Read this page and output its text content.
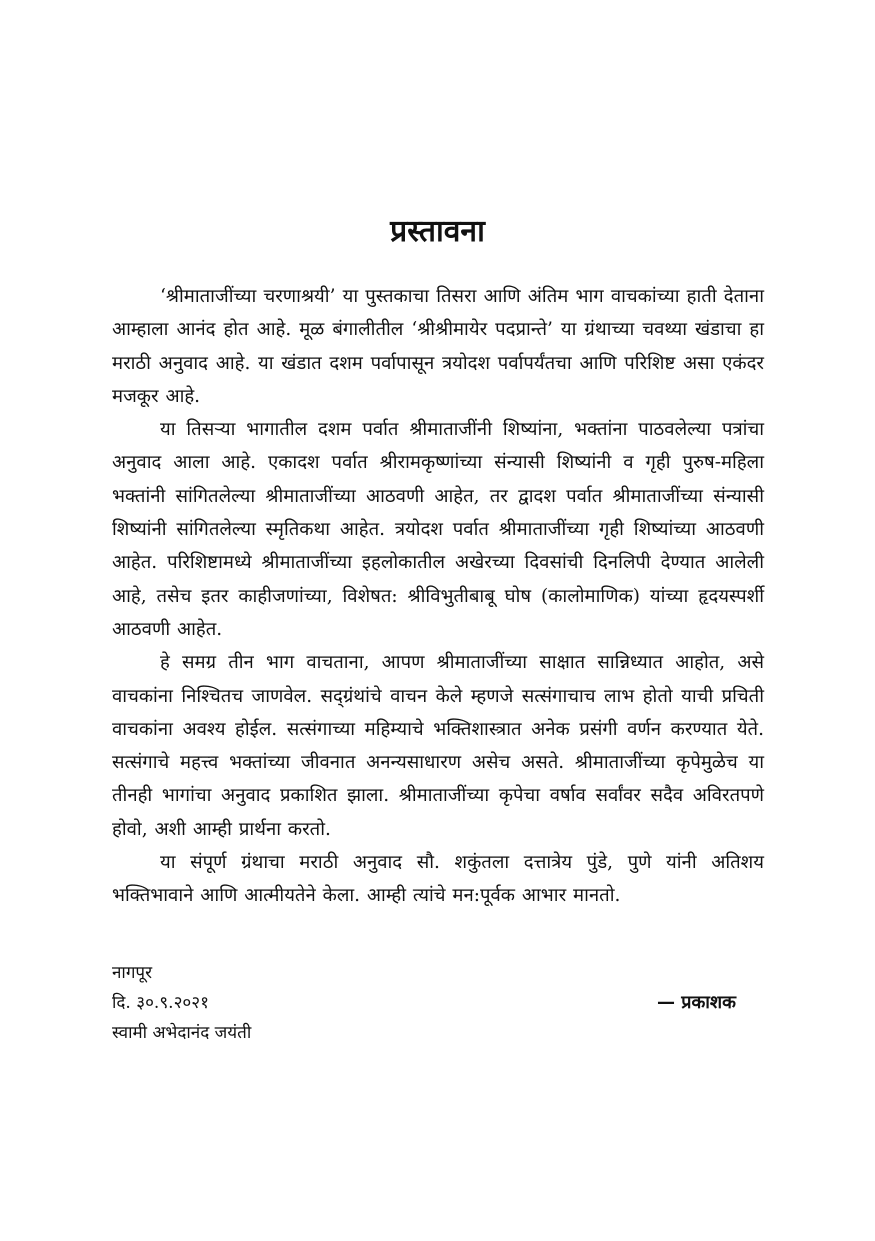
प्रस्तावना

‘श्रीमाताजींच्या चरणाश्रयी’ या पुस्तकाचा तिसरा आणि अंतिम भाग वाचकांच्या हाती देताना आम्हाला आनंद होत आहे. मूळ बंगालीतील ‘श्रीश्रीमायेर पदप्रान्ते’ या ग्रंथाच्या चवथ्या खंडाचा हा मराठी अनुवाद आहे. या खंडात दशम पर्वापासून त्रयोदश पर्वापर्यंतचा आणि परिशिष्ट असा एकंदर मजकूर आहे.

या तिसऱ्या भागातील दशम पर्वात श्रीमाताजींनी शिष्यांना, भक्तांना पाठवलेल्या पत्रांचा अनुवाद आला आहे. एकादश पर्वात श्रीरामकृष्णांच्या संन्यासी शिष्यांनी व गृही पुरुष-महिला भक्तांनी सांगितलेल्या श्रीमाताजींच्या आठवणी आहेत, तर द्वादश पर्वात श्रीमाताजींच्या संन्यासी शिष्यांनी सांगितलेल्या स्मृतिकथा आहेत. त्रयोदश पर्वात श्रीमाताजींच्या गृही शिष्यांच्या आठवणी आहेत. परिशिष्टामध्ये श्रीमाताजींच्या इहलोकातील अखेरच्या दिवसांची दिनलिपी देण्यात आलेली आहे, तसेच इतर काहीजणांच्या, विशेषत: श्रीविभुतीबाबू घोष (कालोमाणिक) यांच्या हृदयस्पर्शी आठवणी आहेत.

हे समग्र तीन भाग वाचताना, आपण श्रीमाताजींच्या साक्षात सान्निध्यात आहोत, असे वाचकांना निश्चितच जाणवेल. सद्ग्रंथांचे वाचन केले म्हणजे सत्संगाचाच लाभ होतो याची प्रचिती वाचकांना अवश्य होईल. सत्संगाच्या महिम्याचे भक्तिशास्त्रात अनेक प्रसंगी वर्णन करण्यात येते. सत्संगाचे महत्त्व भक्तांच्या जीवनात अनन्यसाधारण असेच असते. श्रीमाताजींच्या कृपेमुळेच या तीनही भागांचा अनुवाद प्रकाशित झाला. श्रीमाताजींच्या कृपेचा वर्षाव सर्वांवर सदैव अविरतपणे होवो, अशी आम्ही प्रार्थना करतो.

या संपूर्ण ग्रंथाचा मराठी अनुवाद सौ. शकुंतला दत्तात्रेय पुंडे, पुणे यांनी अतिशय भक्तिभावाने आणि आत्मीयतेने केला. आम्ही त्यांचे मन:पूर्वक आभार मानतो.

नागपूर
दि. ३०.९.२०२१	— प्रकाशक
स्वामी अभेदानंद जयंती
